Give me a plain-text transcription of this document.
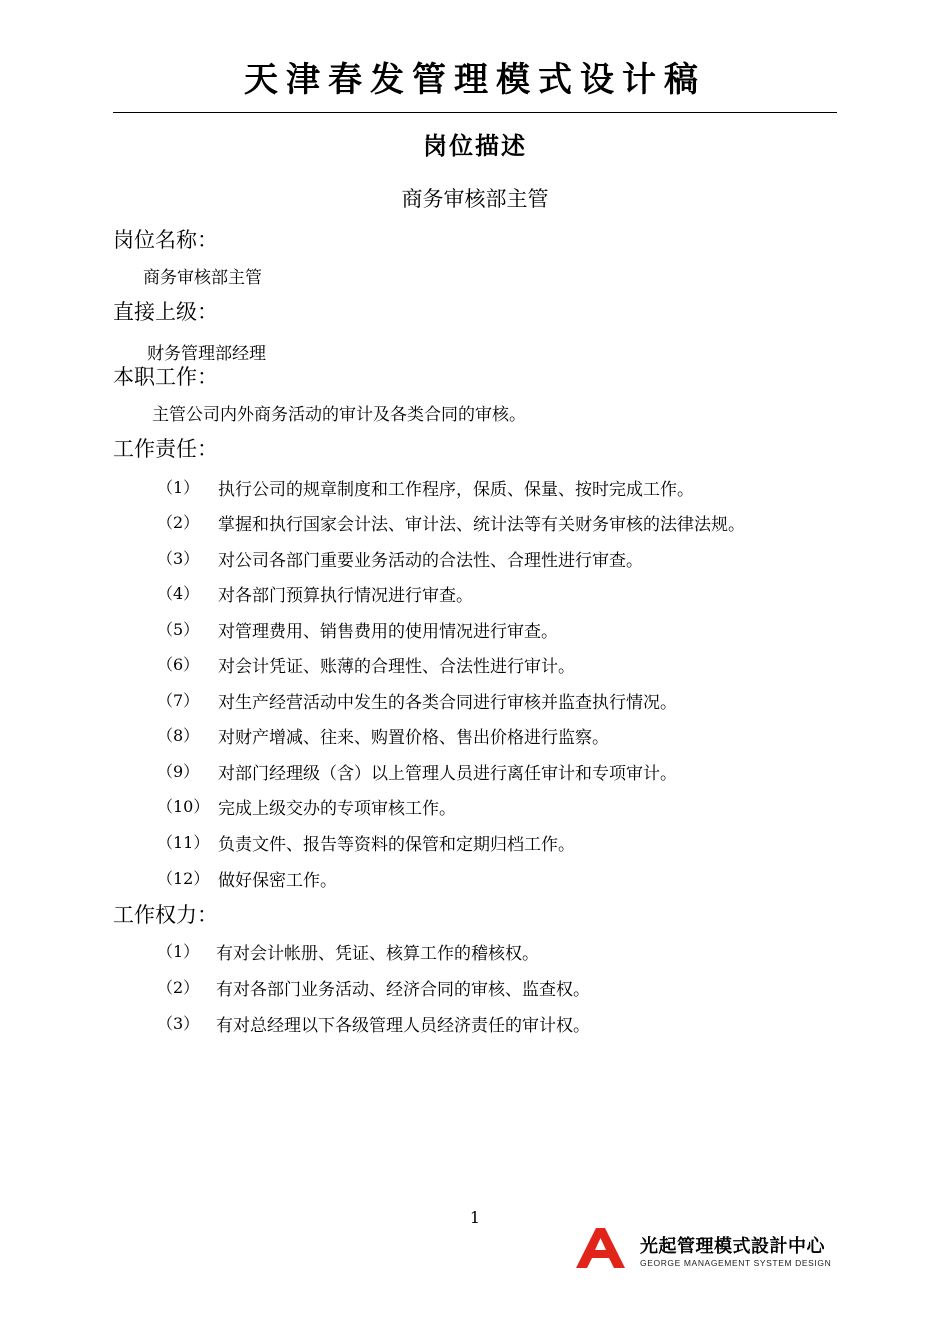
天津春发管理模式设计稿
岗位描述
商务审核部主管
岗位名称：
商务审核部主管
直接上级：
财务管理部经理
本职工作：
主管公司内外商务活动的审计及各类合同的审核。
工作责任：
（1） 执行公司的规章制度和工作程序，保质、保量、按时完成工作。
（2） 掌握和执行国家会计法、审计法、统计法等有关财务审核的法律法规。
（3） 对公司各部门重要业务活动的合法性、合理性进行审查。
（4） 对各部门预算执行情况进行审查。
（5） 对管理费用、销售费用的使用情况进行审查。
（6） 对会计凭证、账薄的合理性、合法性进行审计。
（7） 对生产经营活动中发生的各类合同进行审核并监查执行情况。
（8） 对财产增减、往来、购置价格、售出价格进行监察。
（9） 对部门经理级（含）以上管理人员进行离任审计和专项审计。
（10） 完成上级交办的专项审核工作。
（11） 负责文件、报告等资料的保管和定期归档工作。
（12） 做好保密工作。
工作权力：
（1） 有对会计帐册、凭证、核算工作的稽核权。
（2） 有对各部门业务活动、经济合同的审核、监查权。
（3） 有对总经理以下各级管理人员经济责任的审计权。
1
光起管理模式設計中心
GEORGE MANAGEMENT SYSTEM DESIGN
